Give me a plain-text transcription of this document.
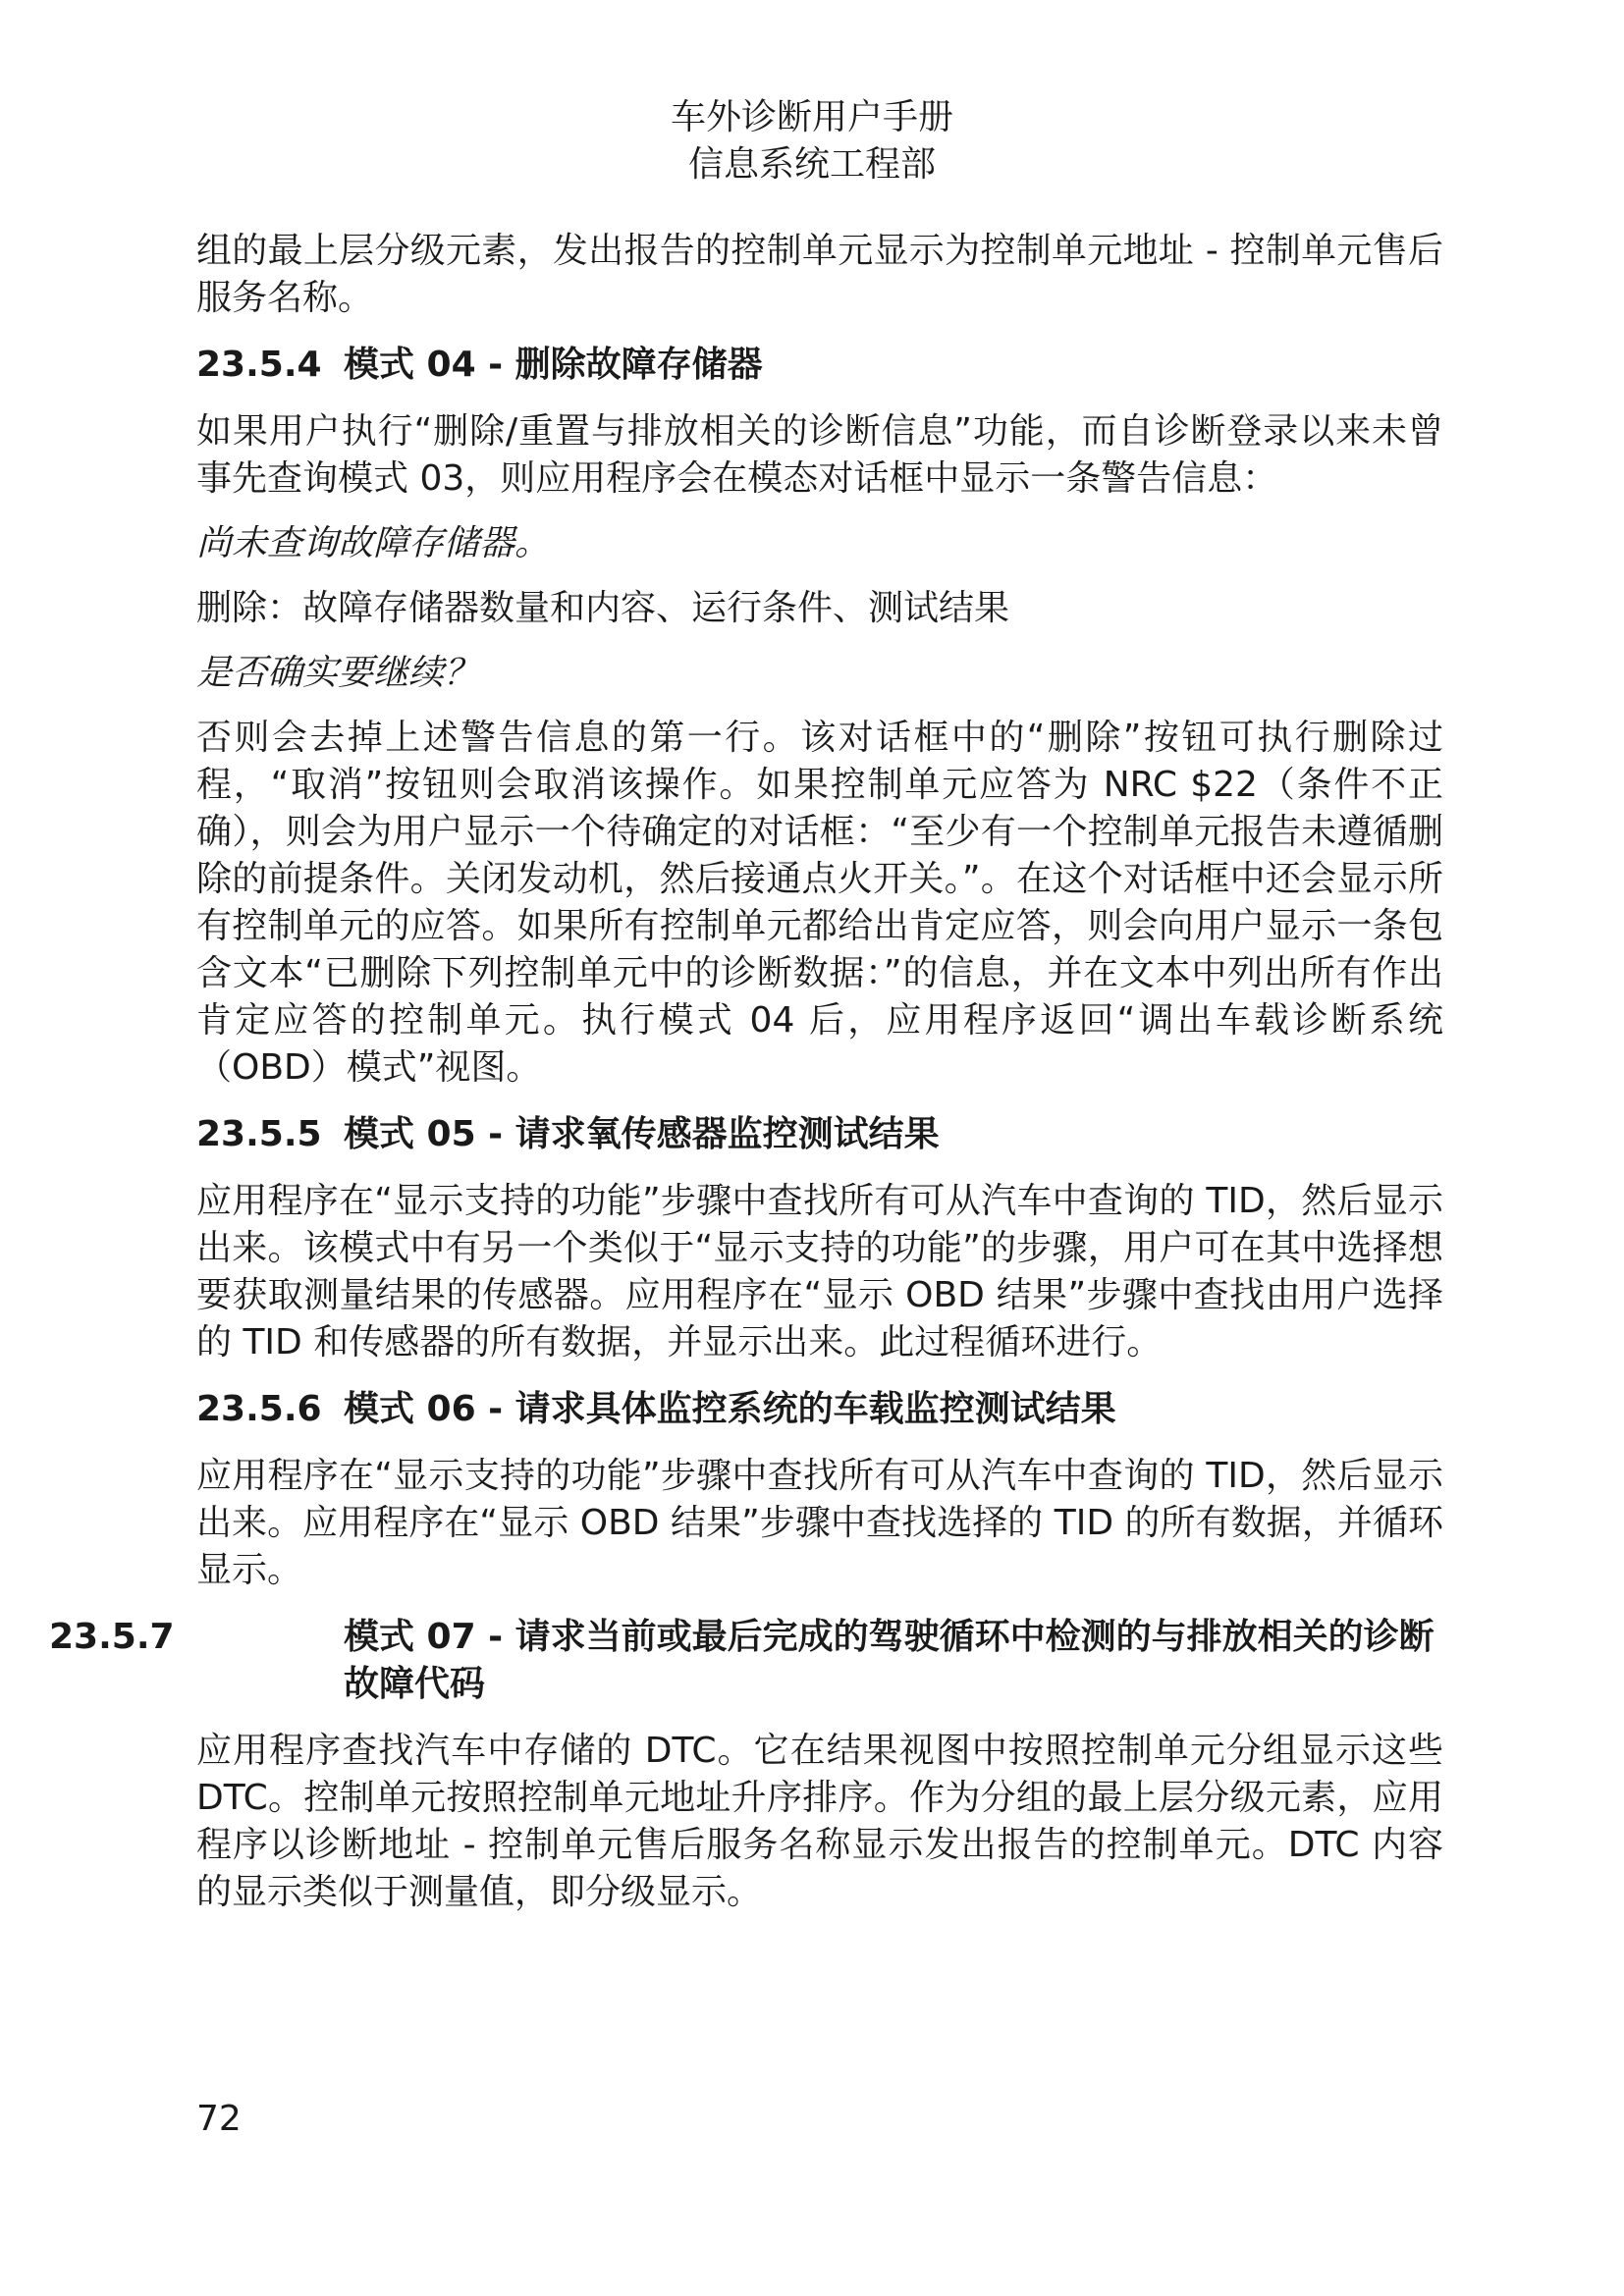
车外诊断用户手册
信息系统工程部

组的最上层分级元素，发出报告的控制单元显示为控制单元地址 - 控制单元售后服务名称。

23.5.4 模式 04 - 删除故障存储器

如果用户执行“删除/重置与排放相关的诊断信息”功能，而自诊断登录以来未曾事先查询模式 03，则应用程序会在模态对话框中显示一条警告信息：

尚未查询故障存储器。

删除：故障存储器数量和内容、运行条件、测试结果

是否确实要继续？

否则会去掉上述警告信息的第一行。该对话框中的“删除”按钮可执行删除过程，“取消”按钮则会取消该操作。如果控制单元应答为 NRC $22（条件不正确），则会为用户显示一个待确定的对话框：“至少有一个控制单元报告未遵循删除的前提条件。关闭发动机，然后接通点火开关。”。在这个对话框中还会显示所有控制单元的应答。如果所有控制单元都给出肯定应答，则会向用户显示一条包含文本“已删除下列控制单元中的诊断数据：”的信息，并在文本中列出所有作出肯定应答的控制单元。执行模式 04 后，应用程序返回“调出车载诊断系统（OBD）模式”视图。

23.5.5 模式 05 - 请求氧传感器监控测试结果

应用程序在“显示支持的功能”步骤中查找所有可从汽车中查询的 TID，然后显示出来。该模式中有另一个类似于“显示支持的功能”的步骤，用户可在其中选择想要获取测量结果的传感器。应用程序在“显示 OBD 结果”步骤中查找由用户选择的 TID 和传感器的所有数据，并显示出来。此过程循环进行。

23.5.6 模式 06 - 请求具体监控系统的车载监控测试结果

应用程序在“显示支持的功能”步骤中查找所有可从汽车中查询的 TID，然后显示出来。应用程序在“显示 OBD 结果”步骤中查找选择的 TID 的所有数据，并循环显示。

23.5.7	模式 07 - 请求当前或最后完成的驾驶循环中检测的与排放相关的诊断故障代码

应用程序查找汽车中存储的 DTC。它在结果视图中按照控制单元分组显示这些 DTC。控制单元按照控制单元地址升序排序。作为分组的最上层分级元素，应用程序以诊断地址 - 控制单元售后服务名称显示发出报告的控制单元。DTC 内容的显示类似于测量值，即分级显示。

72
